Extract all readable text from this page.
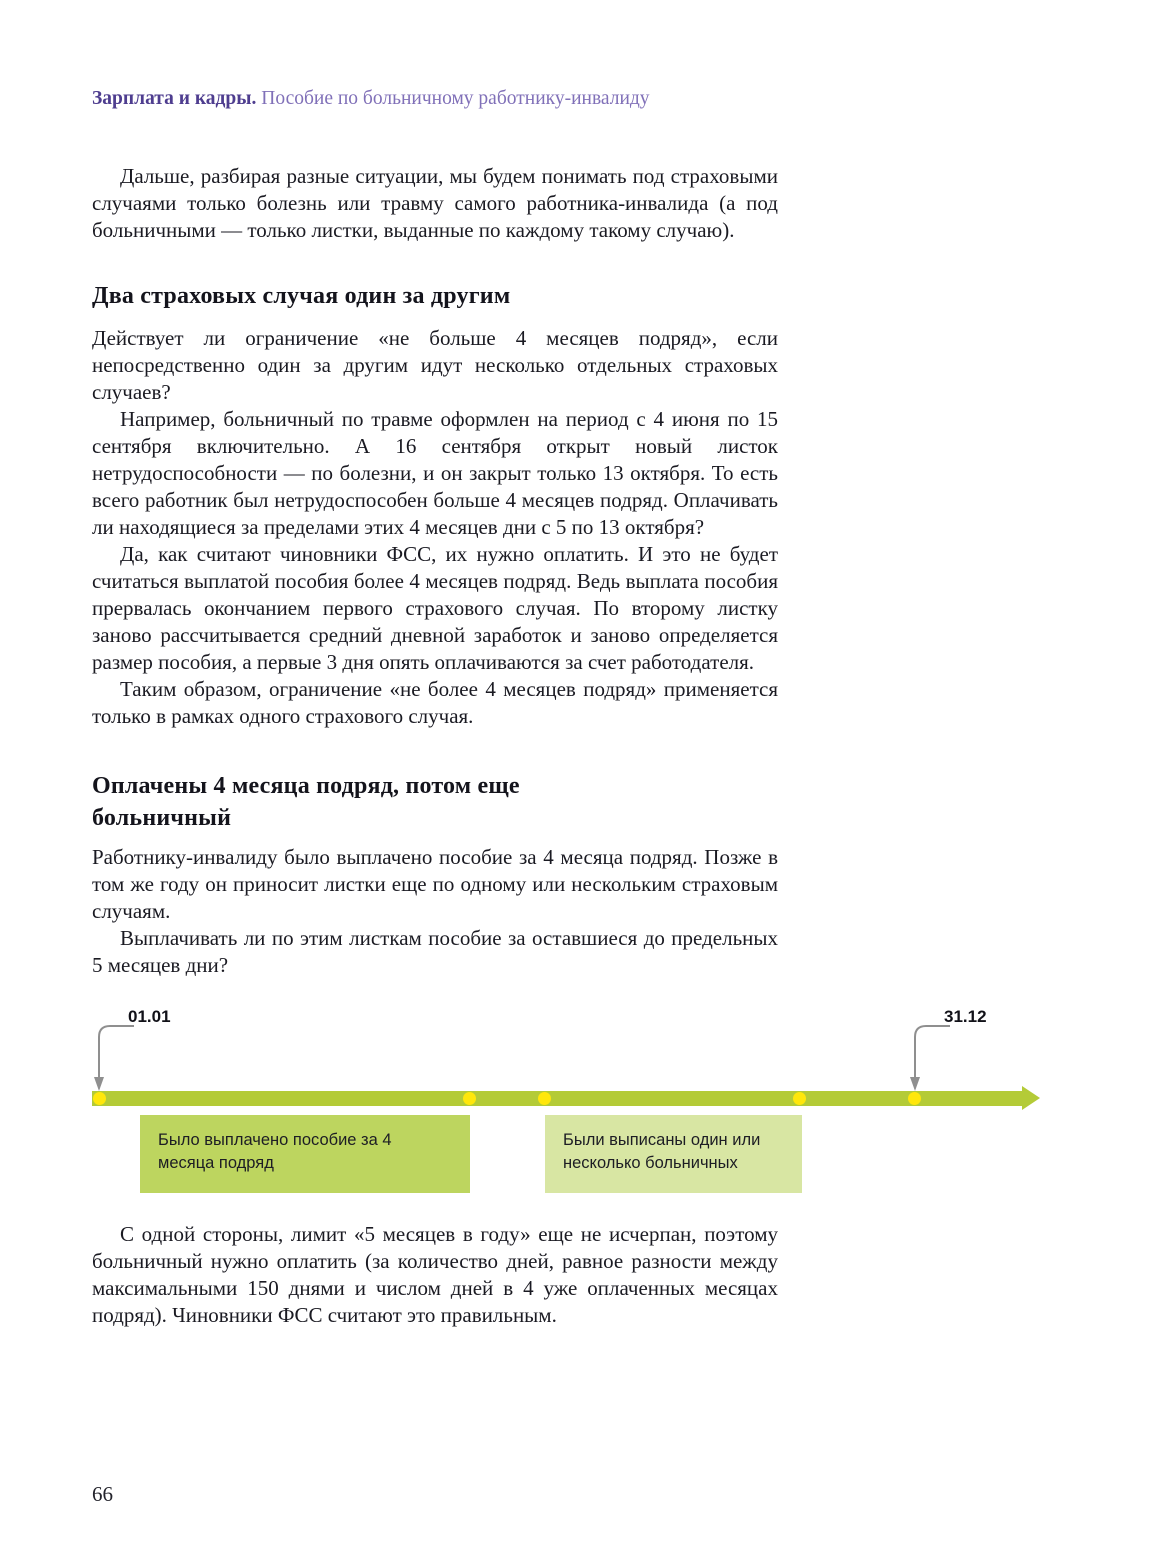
Зарплата и кадры. Пособие по больничному работнику-инвалиду

Дальше, разбирая разные ситуации, мы будем понимать под страховыми случаями только болезнь или травму самого работника-инвалида (а под больничными — только листки, выданные по каждому такому случаю).

Два страховых случая один за другим

Действует ли ограничение «не больше 4 месяцев подряд», если непосредственно один за другим идут несколько отдельных страховых случаев?

Например, больничный по травме оформлен на период с 4 июня по 15 сентября включительно. А 16 сентября открыт новый листок нетрудоспособности — по болезни, и он закрыт только 13 октября. То есть всего работник был нетрудоспособен больше 4 месяцев подряд. Оплачивать ли находящиеся за пределами этих 4 месяцев дни с 5 по 13 октября?

Да, как считают чиновники ФСС, их нужно оплатить. И это не будет считаться выплатой пособия более 4 месяцев подряд. Ведь выплата пособия прервалась окончанием первого страхового случая. По второму листку заново рассчитывается средний дневной заработок и заново определяется размер пособия, а первые 3 дня опять оплачиваются за счет работодателя.

Таким образом, ограничение «не более 4 месяцев подряд» применяется только в рамках одного страхового случая.

Оплачены 4 месяца подряд, потом еще больничный

Работнику-инвалиду было выплачено пособие за 4 месяца подряд. Позже в том же году он приносит листки еще по одному или нескольким страховым случаям.

Выплачивать ли по этим листкам пособие за оставшиеся до предельных 5 месяцев дни?

01.01	31.12
Было выплачено пособие за 4 месяца подряд
Были выписаны один или несколько больничных

С одной стороны, лимит «5 месяцев в году» еще не исчерпан, поэтому больничный нужно оплатить (за количество дней, равное разности между максимальными 150 днями и числом дней в 4 уже оплаченных месяцах подряд). Чиновники ФСС считают это правильным.

66
